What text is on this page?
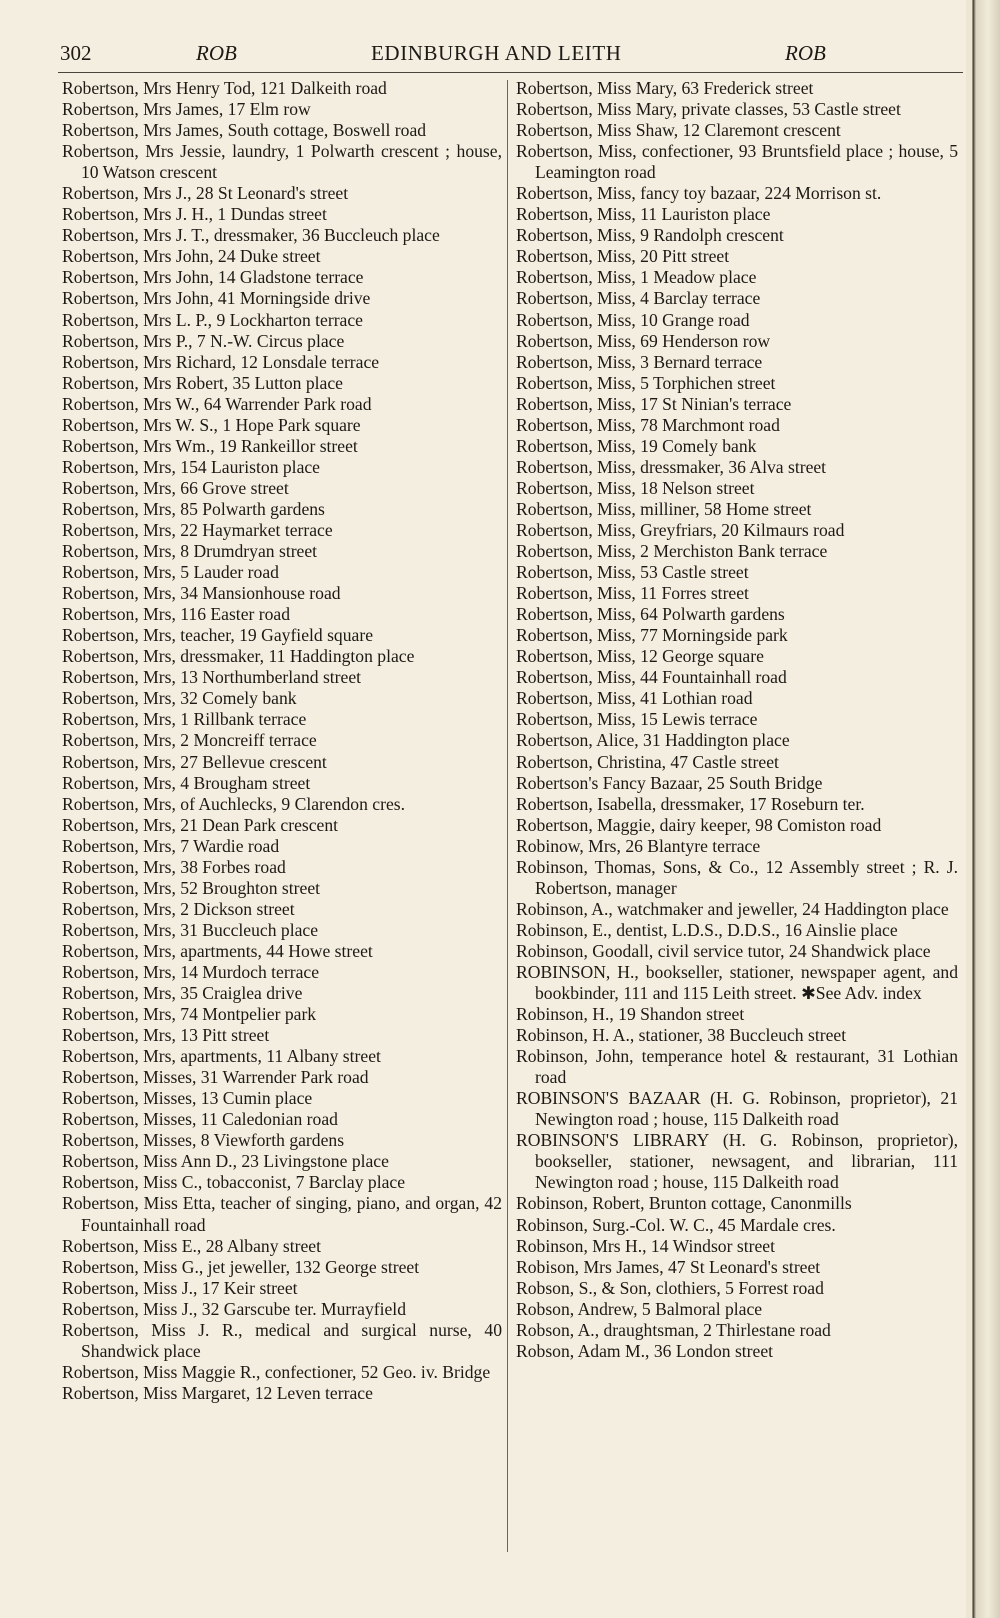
302	ROB	EDINBURGH AND LEITH	ROB

Robertson, Mrs Henry Tod, 121 Dalkeith road

Robertson, Mrs James, 17 Elm row

Robertson, Mrs James, South cottage, Boswell road

Robertson, Mrs Jessie, laundry, 1 Polwarth crescent ; house, 10 Watson crescent

Robertson, Mrs J., 28 St Leonard's street

Robertson, Mrs J. H., 1 Dundas street

Robertson, Mrs J. T., dressmaker, 36 Buccleuch place

Robertson, Mrs John, 24 Duke street

Robertson, Mrs John, 14 Gladstone terrace

Robertson, Mrs John, 41 Morningside drive

Robertson, Mrs L. P., 9 Lockharton terrace

Robertson, Mrs P., 7 N.-W. Circus place

Robertson, Mrs Richard, 12 Lonsdale terrace

Robertson, Mrs Robert, 35 Lutton place

Robertson, Mrs W., 64 Warrender Park road

Robertson, Mrs W. S., 1 Hope Park square

Robertson, Mrs Wm., 19 Rankeillor street

Robertson, Mrs, 154 Lauriston place

Robertson, Mrs, 66 Grove street

Robertson, Mrs, 85 Polwarth gardens

Robertson, Mrs, 22 Haymarket terrace

Robertson, Mrs, 8 Drumdryan street

Robertson, Mrs, 5 Lauder road

Robertson, Mrs, 34 Mansionhouse road

Robertson, Mrs, 116 Easter road

Robertson, Mrs, teacher, 19 Gayfield square

Robertson, Mrs, dressmaker, 11 Haddington place

Robertson, Mrs, 13 Northumberland street

Robertson, Mrs, 32 Comely bank

Robertson, Mrs, 1 Rillbank terrace

Robertson, Mrs, 2 Moncreiff terrace

Robertson, Mrs, 27 Bellevue crescent

Robertson, Mrs, 4 Brougham street

Robertson, Mrs, of Auchlecks, 9 Clarendon cres.

Robertson, Mrs, 21 Dean Park crescent

Robertson, Mrs, 7 Wardie road

Robertson, Mrs, 38 Forbes road

Robertson, Mrs, 52 Broughton street

Robertson, Mrs, 2 Dickson street

Robertson, Mrs, 31 Buccleuch place

Robertson, Mrs, apartments, 44 Howe street

Robertson, Mrs, 14 Murdoch terrace

Robertson, Mrs, 35 Craiglea drive

Robertson, Mrs, 74 Montpelier park

Robertson, Mrs, 13 Pitt street

Robertson, Mrs, apartments, 11 Albany street

Robertson, Misses, 31 Warrender Park road

Robertson, Misses, 13 Cumin place

Robertson, Misses, 11 Caledonian road

Robertson, Misses, 8 Viewforth gardens

Robertson, Miss Ann D., 23 Livingstone place

Robertson, Miss C., tobacconist, 7 Barclay place

Robertson, Miss Etta, teacher of singing, piano, and organ, 42 Fountainhall road

Robertson, Miss E., 28 Albany street

Robertson, Miss G., jet jeweller, 132 George street

Robertson, Miss J., 17 Keir street

Robertson, Miss J., 32 Garscube ter. Murrayfield

Robertson, Miss J. R., medical and surgical nurse, 40 Shandwick place

Robertson, Miss Maggie R., confectioner, 52 Geo. iv. Bridge

Robertson, Miss Margaret, 12 Leven terrace

Robertson, Miss Mary, 63 Frederick street

Robertson, Miss Mary, private classes, 53 Castle street

Robertson, Miss Shaw, 12 Claremont crescent

Robertson, Miss, confectioner, 93 Bruntsfield place ; house, 5 Leamington road

Robertson, Miss, fancy toy bazaar, 224 Morrison st.

Robertson, Miss, 11 Lauriston place

Robertson, Miss, 9 Randolph crescent

Robertson, Miss, 20 Pitt street

Robertson, Miss, 1 Meadow place

Robertson, Miss, 4 Barclay terrace

Robertson, Miss, 10 Grange road

Robertson, Miss, 69 Henderson row

Robertson, Miss, 3 Bernard terrace

Robertson, Miss, 5 Torphichen street

Robertson, Miss, 17 St Ninian's terrace

Robertson, Miss, 78 Marchmont road

Robertson, Miss, 19 Comely bank

Robertson, Miss, dressmaker, 36 Alva street

Robertson, Miss, 18 Nelson street

Robertson, Miss, milliner, 58 Home street

Robertson, Miss, Greyfriars, 20 Kilmaurs road

Robertson, Miss, 2 Merchiston Bank terrace

Robertson, Miss, 53 Castle street

Robertson, Miss, 11 Forres street

Robertson, Miss, 64 Polwarth gardens

Robertson, Miss, 77 Morningside park

Robertson, Miss, 12 George square

Robertson, Miss, 44 Fountainhall road

Robertson, Miss, 41 Lothian road

Robertson, Miss, 15 Lewis terrace

Robertson, Alice, 31 Haddington place

Robertson, Christina, 47 Castle street

Robertson's Fancy Bazaar, 25 South Bridge

Robertson, Isabella, dressmaker, 17 Roseburn ter.

Robertson, Maggie, dairy keeper, 98 Comiston road

Robinow, Mrs, 26 Blantyre terrace

Robinson, Thomas, Sons, & Co., 12 Assembly street ; R. J. Robertson, manager

Robinson, A., watchmaker and jeweller, 24 Haddington place

Robinson, E., dentist, L.D.S., D.D.S., 16 Ainslie place

Robinson, Goodall, civil service tutor, 24 Shandwick place

ROBINSON, H., bookseller, stationer, newspaper agent, and bookbinder, 111 and 115 Leith street. ✱See Adv. index

Robinson, H., 19 Shandon street

Robinson, H. A., stationer, 38 Buccleuch street

Robinson, John, temperance hotel & restaurant, 31 Lothian road

ROBINSON'S BAZAAR (H. G. Robinson, proprietor), 21 Newington road ; house, 115 Dalkeith road

ROBINSON'S LIBRARY (H. G. Robinson, proprietor), bookseller, stationer, newsagent, and librarian, 111 Newington road ; house, 115 Dalkeith road

Robinson, Robert, Brunton cottage, Canonmills

Robinson, Surg.-Col. W. C., 45 Mardale cres.

Robinson, Mrs H., 14 Windsor street

Robison, Mrs James, 47 St Leonard's street

Robson, S., & Son, clothiers, 5 Forrest road

Robson, Andrew, 5 Balmoral place

Robson, A., draughtsman, 2 Thirlestane road

Robson, Adam M., 36 London street
